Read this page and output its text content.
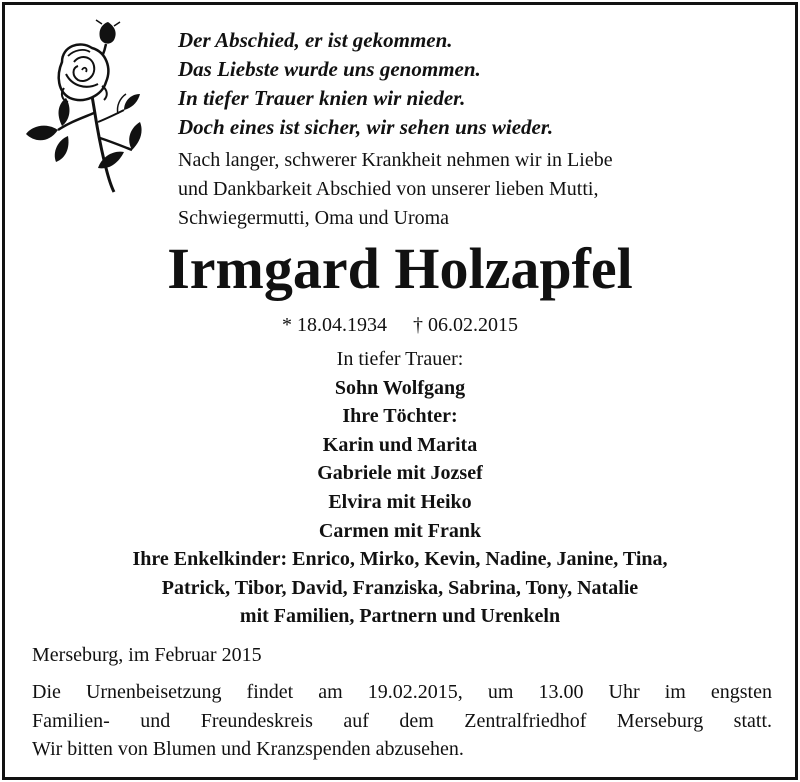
Der Abschied, er ist gekommen.
Das Liebste wurde uns genommen.
In tiefer Trauer knien wir nieder.
Doch eines ist sicher, wir sehen uns wieder.
Nach langer, schwerer Krankheit nehmen wir in Liebe
und Dankbarkeit Abschied von unserer lieben Mutti,
Schwiegermutti, Oma und Uroma
Irmgard Holzapfel
* 18.04.1934 † 06.02.2015
In tiefer Trauer:
Sohn Wolfgang
Ihre Töchter:
Karin und Marita
Gabriele mit Jozsef
Elvira mit Heiko
Carmen mit Frank
Ihre Enkelkinder: Enrico, Mirko, Kevin, Nadine, Janine, Tina,
Patrick, Tibor, David, Franziska, Sabrina, Tony, Natalie
mit Familien, Partnern und Urenkeln
Merseburg, im Februar 2015
Die Urnenbeisetzung findet am 19.02.2015, um 13.00 Uhr im engsten
Familien- und Freundeskreis auf dem Zentralfriedhof Merseburg statt.
Wir bitten von Blumen und Kranzspenden abzusehen.
